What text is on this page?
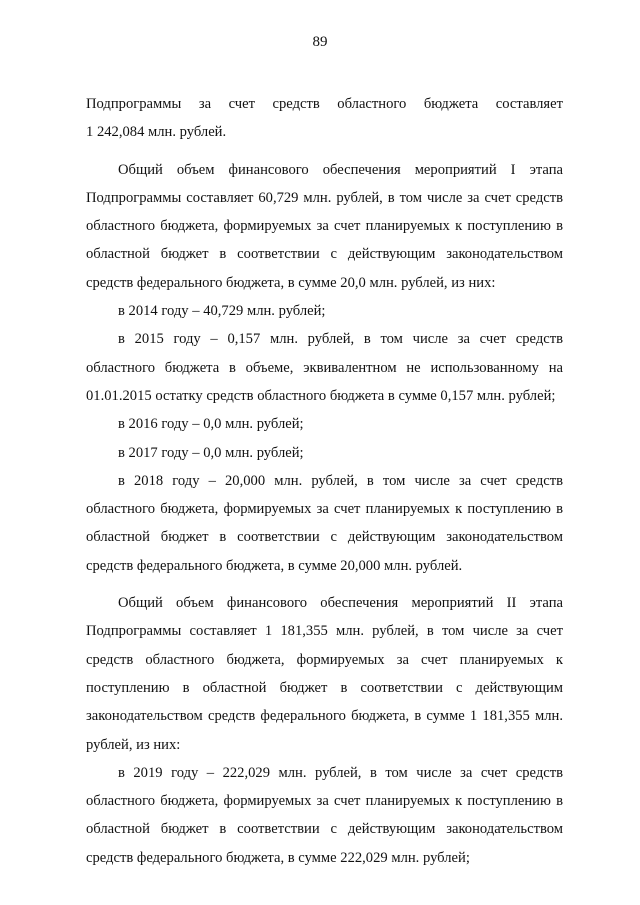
89

Подпрограммы за счет средств областного бюджета составляет

1 242,084 млн. рублей.

Общий объем финансового обеспечения мероприятий I этапа

Подпрограммы составляет 60,729 млн. рублей, в том числе за счет средств

областного бюджета, формируемых за счет планируемых к поступлению в

областной бюджет в соответствии с действующим законодательством

средств федерального бюджета, в сумме 20,0 млн. рублей, из них:

в 2014 году – 40,729 млн. рублей;

в 2015 году – 0,157 млн. рублей, в том числе за счет средств

областного бюджета в объеме, эквивалентном не использованному на

01.01.2015 остатку средств областного бюджета в сумме 0,157 млн. рублей;

в 2016 году – 0,0 млн. рублей;

в 2017 году – 0,0 млн. рублей;

в 2018 году – 20,000 млн. рублей, в том числе за счет средств

областного бюджета, формируемых за счет планируемых к поступлению в

областной бюджет в соответствии с действующим законодательством

средств федерального бюджета, в сумме 20,000 млн. рублей.

Общий объем финансового обеспечения мероприятий II этапа

Подпрограммы составляет 1 181,355 млн. рублей, в том числе за счет

средств областного бюджета, формируемых за счет планируемых к

поступлению в областной бюджет в соответствии с действующим

законодательством средств федерального бюджета, в сумме 1 181,355 млн.

рублей, из них:

в 2019 году – 222,029 млн. рублей, в том числе за счет средств

областного бюджета, формируемых за счет планируемых к поступлению в

областной бюджет в соответствии с действующим законодательством

средств федерального бюджета, в сумме 222,029 млн. рублей;
